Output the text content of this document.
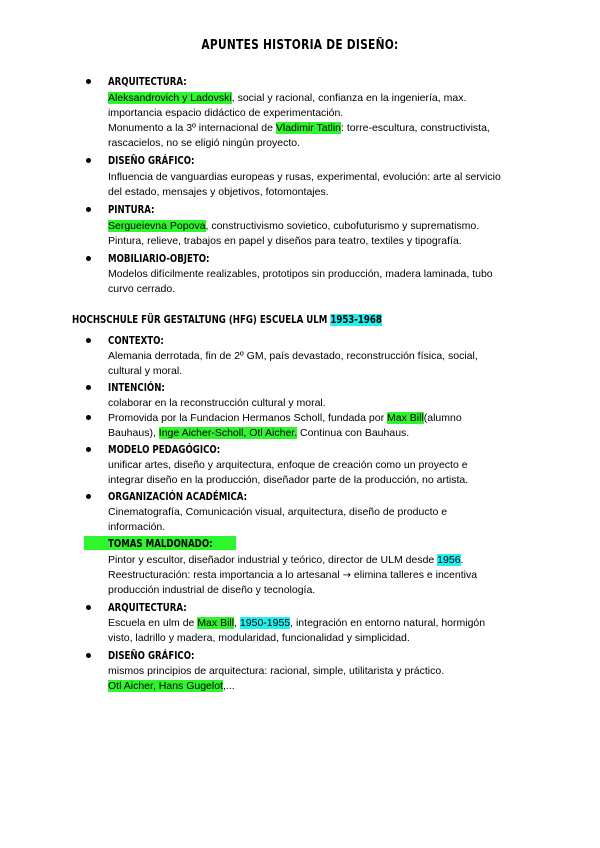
APUNTES HISTORIA DE DISEÑO:
ARQUITECTURA:
Aleksandrovich y Ladovski, social y racional, confianza en la ingeniería, max.
importancia espacio didáctico de experimentación.
Monumento a la 3º internacional de Vladimir Tatlin: torre-escultura, constructivista,
rascacielos, no se eligió ningún proyecto.
DISEÑO GRÁFICO:
Influencia de vanguardias europeas y rusas, experimental, evolución: arte al servicio
del estado, mensajes y objetivos, fotomontajes.
PINTURA:
Sergueievna Popova, constructivismo sovietico, cubofuturismo y suprematismo.
Pintura, relieve, trabajos en papel y diseños para teatro, textiles y tipografía.
MOBILIARIO-OBJETO:
Modelos difícilmente realizables, prototipos sin producción, madera laminada, tubo
curvo cerrado.
HOCHSCHULE FÜR GESTALTUNG (HFG) ESCUELA ULM 1953-1968
CONTEXTO:
Alemania derrotada, fin de 2º GM, país devastado, reconstrucción física, social,
cultural y moral.
INTENCIÓN:
colaborar en la reconstrucción cultural y moral.
Promovida por la Fundacion Hermanos Scholl, fundada por Max Bill(alumno
Bauhaus), Inge Aicher-Scholl, Otl Aicher. Continua con Bauhaus.
MODELO PEDAGÓGICO:
unificar artes, diseño y arquitectura, enfoque de creación como un proyecto e
integrar diseño en la producción, diseñador parte de la producción, no artista.
ORGANIZACIÓN ACADÉMICA:
Cinematografía, Comunicación visual, arquitectura, diseño de producto e
información.
TOMAS MALDONADO:
Pintor y escultor, diseñador industrial y teórico, director de ULM desde 1956.
Reestructuración: resta importancia a lo artesanal → elimina talleres e incentiva
producción industrial de diseño y tecnología.
ARQUITECTURA:
Escuela en ulm de Max Bill, 1950-1955, integración en entorno natural, hormigón
visto, ladrillo y madera, modularidad, funcionalidad y simplicidad.
DISEÑO GRÁFICO:
mismos principios de arquitectura: racional, simple, utilitarista y práctico.
Otl Aicher, Hans Gugelot,...
